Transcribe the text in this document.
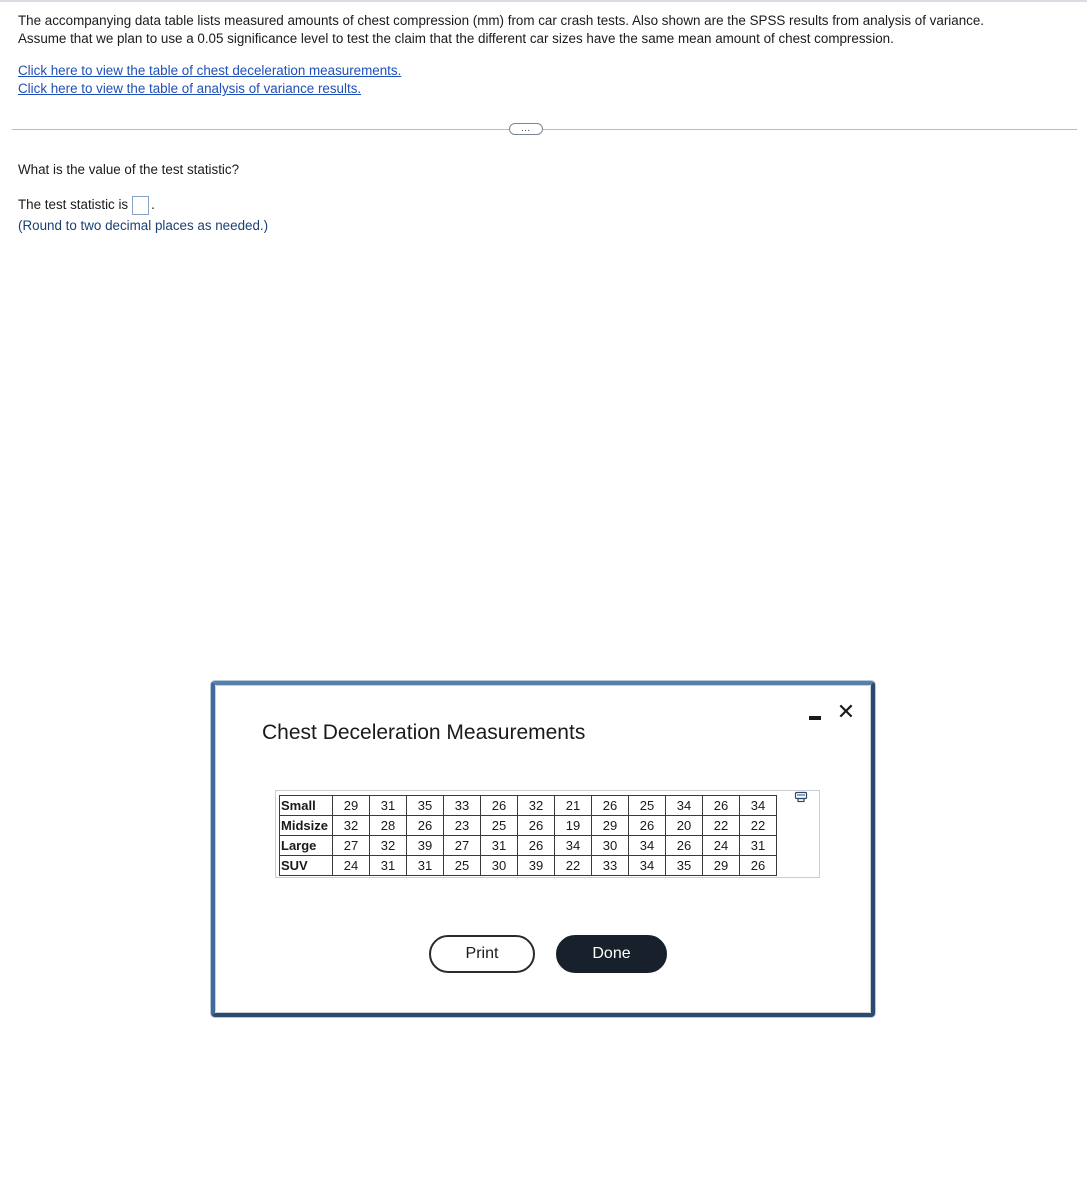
The accompanying data table lists measured amounts of chest compression (mm) from car crash tests. Also shown are the SPSS results from analysis of variance.
Assume that we plan to use a 0.05 significance level to test the claim that the different car sizes have the same mean amount of chest compression.
Click here to view the table of chest deceleration measurements.
Click here to view the table of analysis of variance results.
…
What is the value of the test statistic?
The test statistic is .
(Round to two decimal places as needed.)
Chest Deceleration Measurements
✕
Small	29	31	35	33	26	32	21	26	25	34	26	34
Midsize	32	28	26	23	25	26	19	29	26	20	22	22
Large	27	32	39	27	31	26	34	30	34	26	24	31
SUV	24	31	31	25	30	39	22	33	34	35	29	26
Print	Done
